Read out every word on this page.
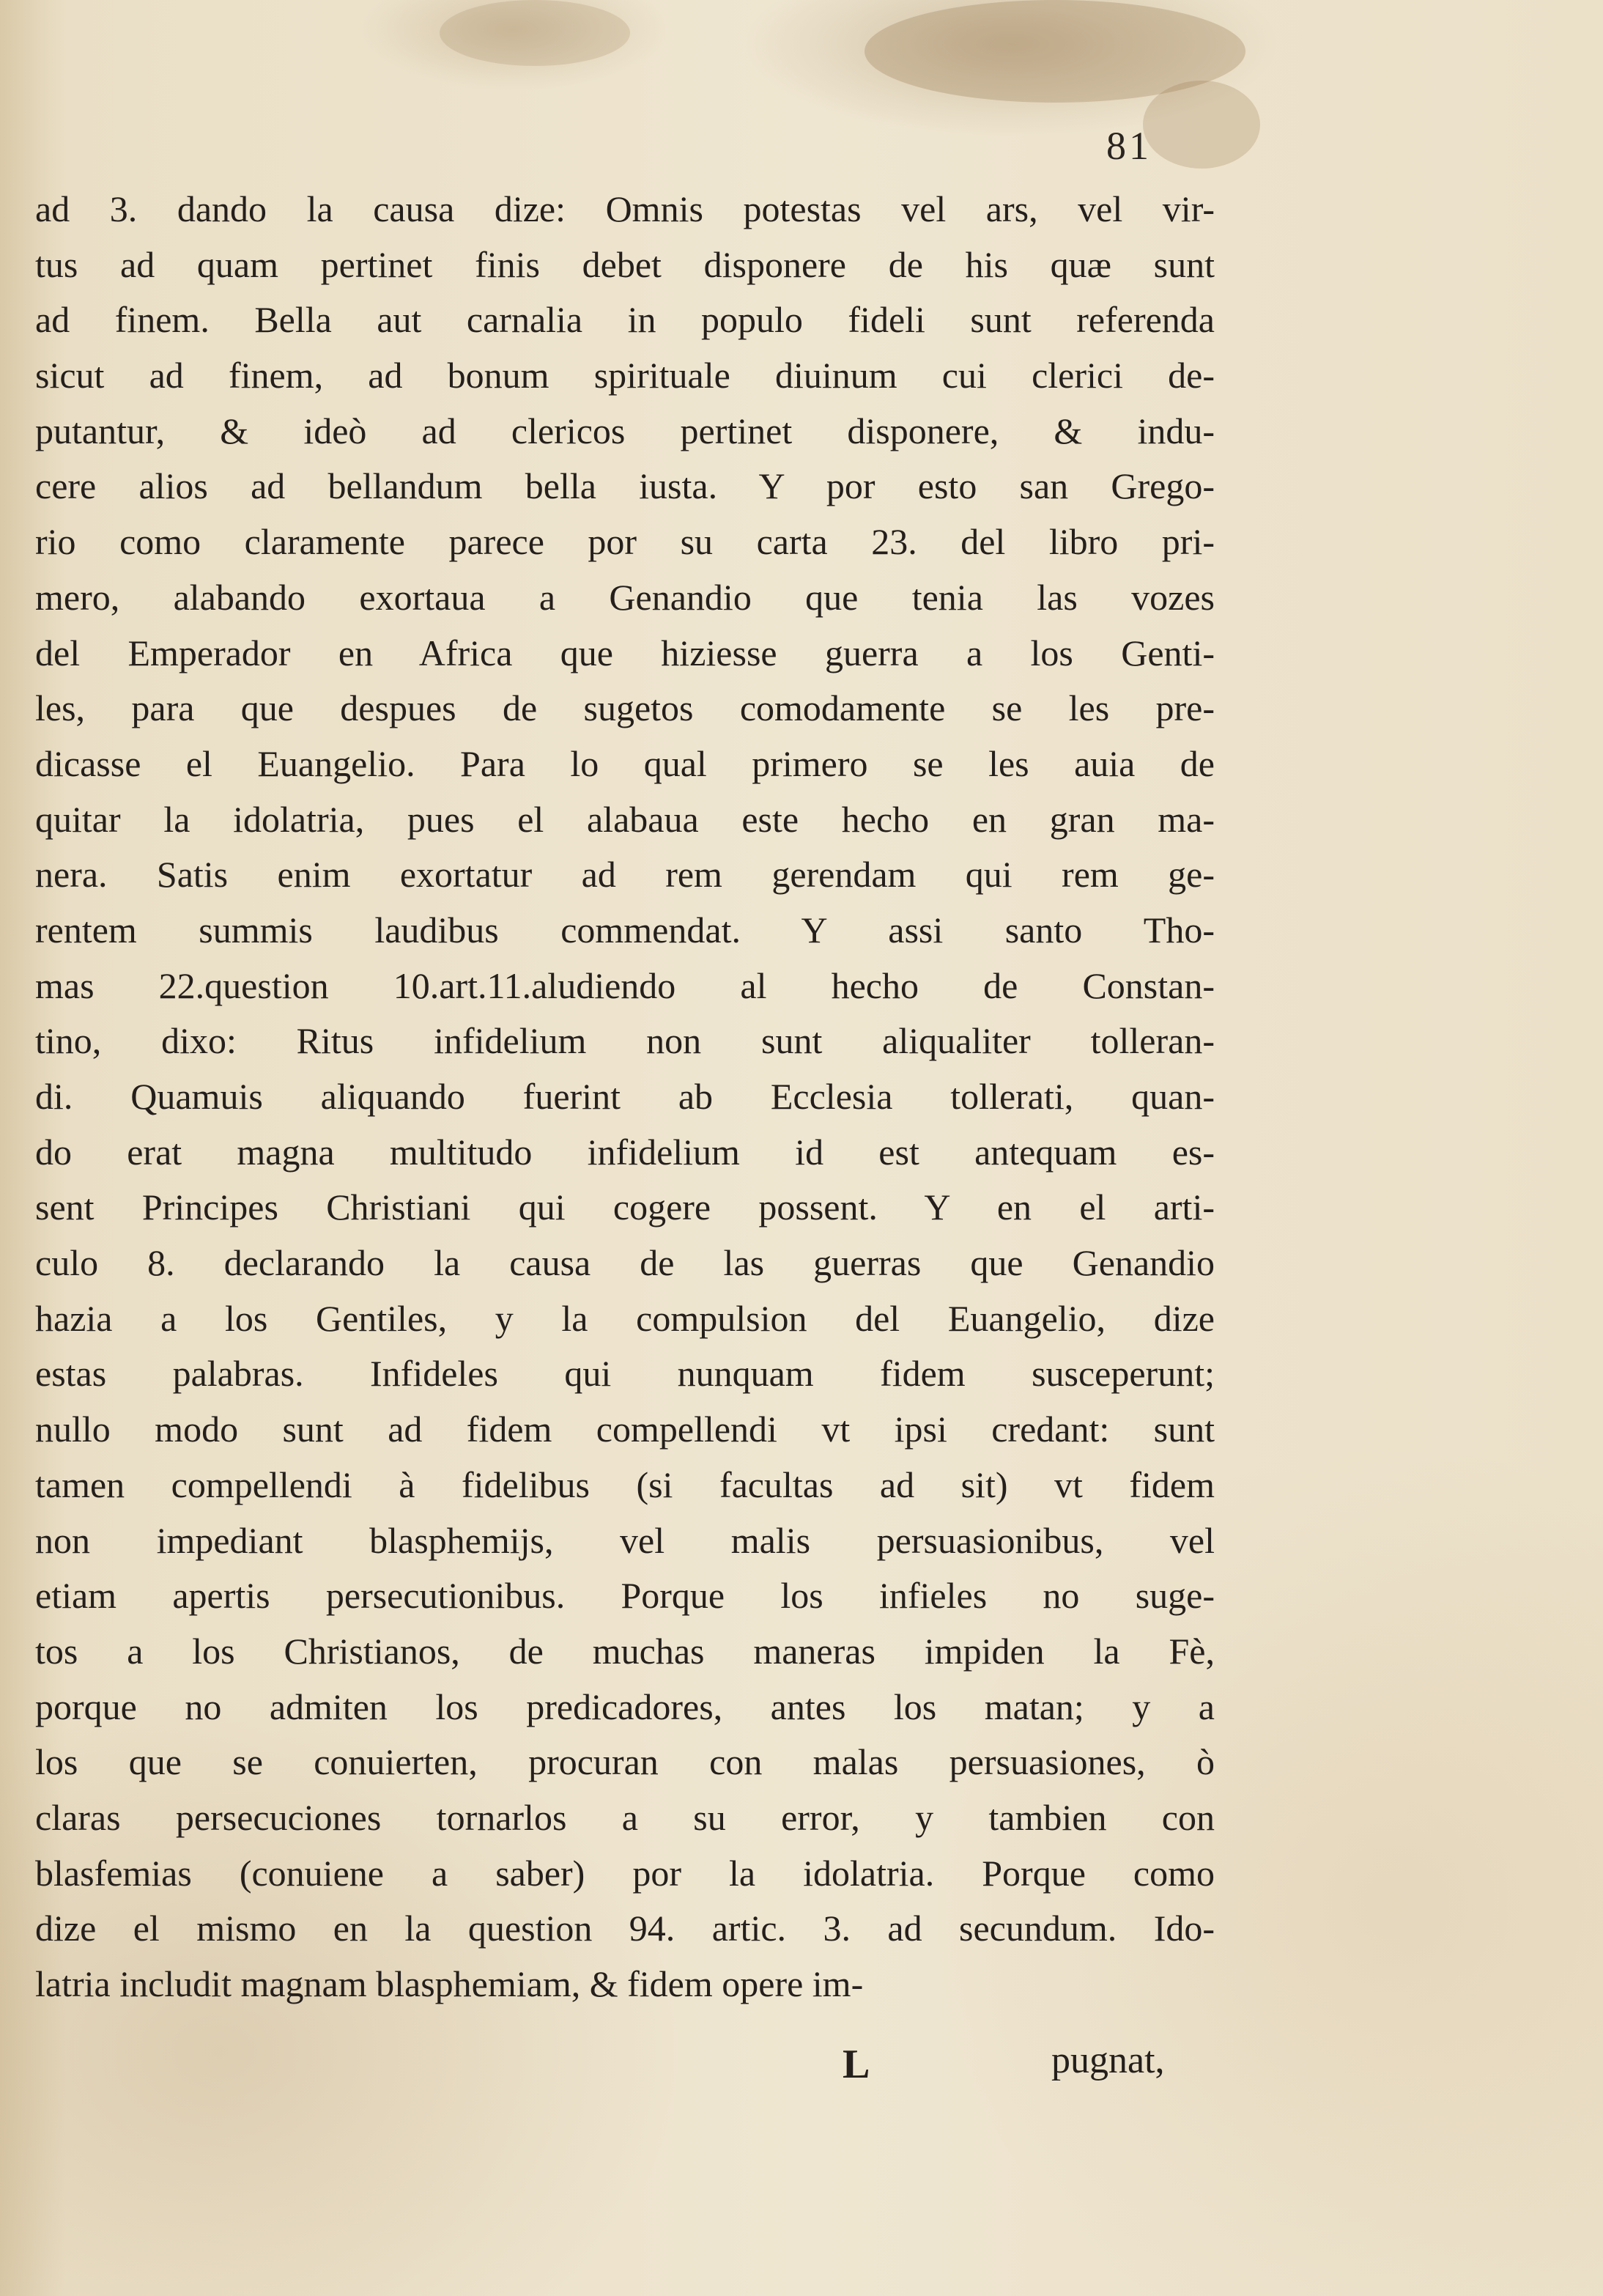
81
ad 3. dando la causa dize: Omnis potestas vel ars, vel vir-
tus ad quam pertinet finis debet disponere de his quæ sunt
ad finem. Bella aut carnalia in populo fideli sunt referenda
sicut ad finem, ad bonum spirituale diuinum cui clerici de-
putantur, & ideò ad clericos pertinet disponere, & indu-
cere alios ad bellandum bella iusta. Y por esto san Grego-
rio como claramente parece por su carta 23. del libro pri-
mero, alabando exortaua a Genandio que tenia las vozes
del Emperador en Africa que hiziesse guerra a los Genti-
les, para que despues de sugetos comodamente se les pre-
dicasse el Euangelio. Para lo qual primero se les auia de
quitar la idolatria, pues el alabaua este hecho en gran ma-
nera. Satis enim exortatur ad rem gerendam qui rem ge-
rentem summis laudibus commendat. Y assi santo Tho-
mas 22.question 10.art.11.aludiendo al hecho de Constan-
tino, dixo: Ritus infidelium non sunt aliqualiter tolleran-
di. Quamuis aliquando fuerint ab Ecclesia tollerati, quan-
do erat magna multitudo infidelium id est antequam es-
sent Principes Christiani qui cogere possent. Y en el arti-
culo 8. declarando la causa de las guerras que Genandio
hazia a los Gentiles, y la compulsion del Euangelio, dize
estas palabras. Infideles qui nunquam fidem susceperunt;
nullo modo sunt ad fidem compellendi vt ipsi credant: sunt
tamen compellendi à fidelibus (si facultas ad sit) vt fidem
non impediant blasphemijs, vel malis persuasionibus, vel
etiam apertis persecutionibus. Porque los infieles no suge-
tos a los Christianos, de muchas maneras impiden la Fè,
porque no admiten los predicadores, antes los matan; y a
los que se conuierten, procuran con malas persuasiones, ò
claras persecuciones tornarlos a su error, y tambien con
blasfemias (conuiene a saber) por la idolatria. Porque como
dize el mismo en la question 94. artic. 3. ad secundum. Ido-
latria includit magnam blasphemiam, & fidem opere im-
L	pugnat,
